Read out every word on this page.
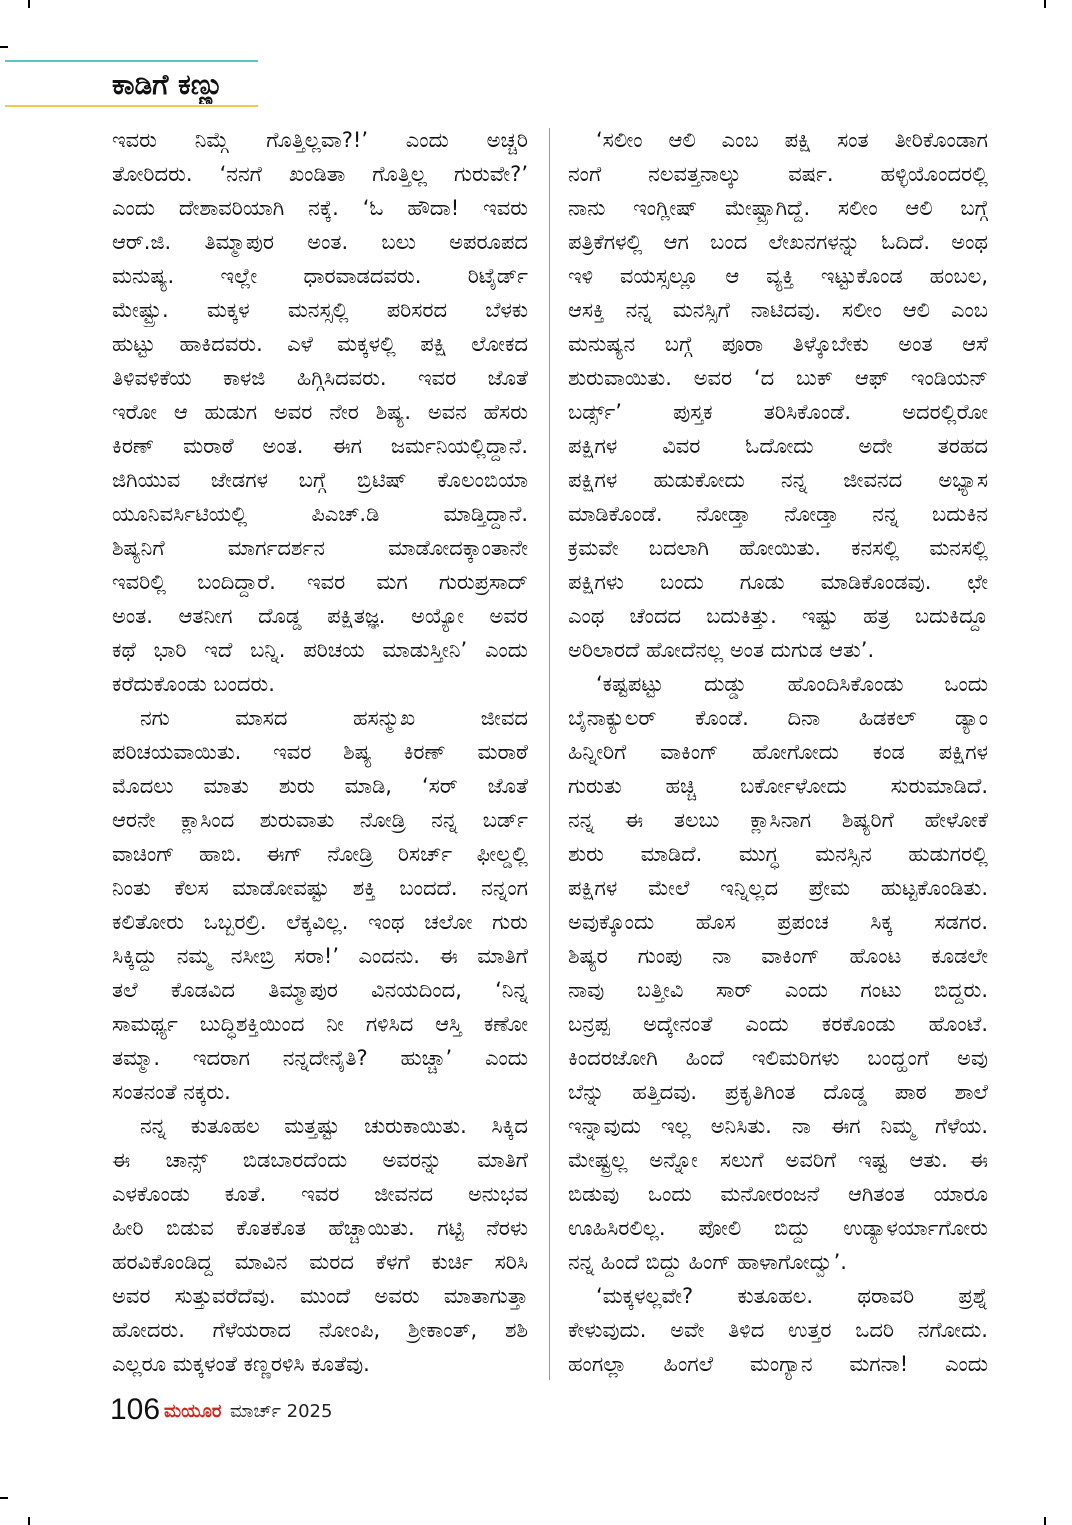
ಕಾಡಿಗೆ ಕಣ್ಣು
ಇವರು ನಿಮ್ಗೆ ಗೊತ್ತಿಲ್ಲವಾ?!’ ಎಂದು ಅಚ್ಚರಿ
ತೋರಿದರು. ‘ನನಗೆ ಖಂಡಿತಾ ಗೊತ್ತಿಲ್ಲ ಗುರುವೇ?’
ಎಂದು ದೇಶಾವರಿಯಾಗಿ ನಕ್ಕೆ. ‘ಓ ಹೌದಾ! ಇವರು
ಆರ್.ಜಿ. ತಿಮ್ಮಾಪುರ ಅಂತ. ಬಲು ಅಪರೂಪದ
ಮನುಷ್ಯ. ಇಲ್ಲೇ ಧಾರವಾಡದವರು. ರಿಟೈರ್ಡ್
ಮೇಷ್ಟ್ರು. ಮಕ್ಕಳ ಮನಸ್ಸಲ್ಲಿ ಪರಿಸರದ ಬೆಳಕು
ಹುಟ್ಟು ಹಾಕಿದವರು. ಎಳೆ ಮಕ್ಕಳಲ್ಲಿ ಪಕ್ಷಿ ಲೋಕದ
ತಿಳಿವಳಿಕೆಯ ಕಾಳಜಿ ಹಿಗ್ಗಿಸಿದವರು. ಇವರ ಜೊತೆ
ಇರೋ ಆ ಹುಡುಗ ಅವರ ನೇರ ಶಿಷ್ಯ. ಅವನ ಹೆಸರು
ಕಿರಣ್ ಮರಾಠೆ ಅಂತ. ಈಗ ಜರ್ಮನಿಯಲ್ಲಿದ್ದಾನೆ.
ಜಿಗಿಯುವ ಜೇಡಗಳ ಬಗ್ಗೆ ಬ್ರಿಟಿಷ್ ಕೊಲಂಬಿಯಾ
ಯೂನಿವರ್ಸಿಟಿಯಲ್ಲಿ ಪಿಎಚ್.ಡಿ ಮಾಡ್ತಿದ್ದಾನೆ.
ಶಿಷ್ಯನಿಗೆ ಮಾರ್ಗದರ್ಶನ ಮಾಡೋದಕ್ಕಾಂತಾನೇ
ಇವರಿಲ್ಲಿ ಬಂದಿದ್ದಾರೆ. ಇವರ ಮಗ ಗುರುಪ್ರಸಾದ್
ಅಂತ. ಆತನೀಗ ದೊಡ್ಡ ಪಕ್ಷಿತಜ್ಞ. ಅಯ್ಯೋ ಅವರ
ಕಥೆ ಭಾರಿ ಇದೆ ಬನ್ನಿ. ಪರಿಚಯ ಮಾಡುಸ್ತೀನಿ’ ಎಂದು
ಕರೆದುಕೊಂಡು ಬಂದರು.
ನಗು ಮಾಸದ ಹಸನ್ಮುಖ ಜೀವದ
ಪರಿಚಯವಾಯಿತು. ಇವರ ಶಿಷ್ಯ ಕಿರಣ್ ಮರಾಠೆ
ಮೊದಲು ಮಾತು ಶುರು ಮಾಡಿ, ‘ಸರ್ ಜೊತೆ
ಆರನೇ ಕ್ಲಾಸಿಂದ ಶುರುವಾತು ನೋಡ್ರಿ ನನ್ನ ಬರ್ಡ್
ವಾಚಿಂಗ್ ಹಾಬಿ. ಈಗ್ ನೋಡ್ರಿ ರಿಸರ್ಚ್ ಫೀಲ್ಡಲ್ಲಿ
ನಿಂತು ಕೆಲಸ ಮಾಡೋವಷ್ಟು ಶಕ್ತಿ ಬಂದದೆ. ನನ್ನಂಗ
ಕಲಿತೋರು ಒಬ್ಬರಲ್ರಿ. ಲೆಕ್ಕವಿಲ್ಲ. ಇಂಥ ಚಲೋ ಗುರು
ಸಿಕ್ಕಿದ್ದು ನಮ್ಮ ನಸೀಬ್ರಿ ಸರಾ!’ ಎಂದನು. ಈ ಮಾತಿಗೆ
ತಲೆ ಕೊಡವಿದ ತಿಮ್ಮಾಪುರ ವಿನಯದಿಂದ, ‘ನಿನ್ನ
ಸಾಮರ್ಥ್ಯ ಬುದ್ಧಿಶಕ್ತಿಯಿಂದ ನೀ ಗಳಿಸಿದ ಆಸ್ತಿ ಕಣೋ
ತಮ್ಮಾ. ಇದರಾಗ ನನ್ನದೇನೈತಿ? ಹುಚ್ಚಾ’ ಎಂದು
ಸಂತನಂತೆ ನಕ್ಕರು.
ನನ್ನ ಕುತೂಹಲ ಮತ್ತಷ್ಟು ಚುರುಕಾಯಿತು. ಸಿಕ್ಕಿದ
ಈ ಚಾನ್ಸ್ ಬಿಡಬಾರದೆಂದು ಅವರನ್ನು ಮಾತಿಗೆ
ಎಳಕೊಂಡು ಕೂತೆ. ಇವರ ಜೀವನದ ಅನುಭವ
ಹೀರಿ ಬಿಡುವ ಕೊತಕೊತ ಹೆಚ್ಚಾಯಿತು. ಗಟ್ಟಿ ನೆರಳು
ಹರವಿಕೊಂಡಿದ್ದ ಮಾವಿನ ಮರದ ಕೆಳಗೆ ಕುರ್ಚಿ ಸರಿಸಿ
ಅವರ ಸುತ್ತುವರೆದೆವು. ಮುಂದೆ ಅವರು ಮಾತಾಗುತ್ತಾ
ಹೋದರು. ಗೆಳೆಯರಾದ ನೋಂಪಿ, ಶ್ರೀಕಾಂತ್, ಶಶಿ
ಎಲ್ಲರೂ ಮಕ್ಕಳಂತೆ ಕಣ್ಣರಳಿಸಿ ಕೂತೆವು.
‘ಸಲೀಂ ಆಲಿ ಎಂಬ ಪಕ್ಷಿ ಸಂತ ತೀರಿಕೊಂಡಾಗ
ನಂಗೆ ನಲವತ್ತನಾಲ್ಕು ವರ್ಷ. ಹಳ್ಳಿಯೊಂದರಲ್ಲಿ
ನಾನು ಇಂಗ್ಲೀಷ್ ಮೇಷ್ಟ್ರಾಗಿದ್ದೆ. ಸಲೀಂ ಆಲಿ ಬಗ್ಗೆ
ಪತ್ರಿಕೆಗಳಲ್ಲಿ ಆಗ ಬಂದ ಲೇಖನಗಳನ್ನು ಓದಿದೆ. ಅಂಥ
ಇಳಿ ವಯಸ್ಸಲ್ಲೂ ಆ ವ್ಯಕ್ತಿ ಇಟ್ಟುಕೊಂಡ ಹಂಬಲ,
ಆಸಕ್ತಿ ನನ್ನ ಮನಸ್ಸಿಗೆ ನಾಟಿದವು. ಸಲೀಂ ಆಲಿ ಎಂಬ
ಮನುಷ್ಯನ ಬಗ್ಗೆ ಪೂರಾ ತಿಳ್ಕೊಬೇಕು ಅಂತ ಆಸೆ
ಶುರುವಾಯಿತು. ಅವರ ‘ದ ಬುಕ್ ಆಫ್ ಇಂಡಿಯನ್
ಬರ್ಡ್ಸ್’ ಪುಸ್ತಕ ತರಿಸಿಕೊಂಡೆ. ಅದರಲ್ಲಿರೋ
ಪಕ್ಷಿಗಳ ವಿವರ ಓದೋದು ಅದೇ ತರಹದ
ಪಕ್ಷಿಗಳ ಹುಡುಕೋದು ನನ್ನ ಜೀವನದ ಅಭ್ಯಾಸ
ಮಾಡಿಕೊಂಡೆ. ನೋಡ್ತಾ ನೋಡ್ತಾ ನನ್ನ ಬದುಕಿನ
ಕ್ರಮವೇ ಬದಲಾಗಿ ಹೋಯಿತು. ಕನಸಲ್ಲಿ ಮನಸಲ್ಲಿ
ಪಕ್ಷಿಗಳು ಬಂದು ಗೂಡು ಮಾಡಿಕೊಂಡವು. ಛೇ
ಎಂಥ ಚೆಂದದ ಬದುಕಿತ್ತು. ಇಷ್ಟು ಹತ್ರ ಬದುಕಿದ್ದೂ
ಅರಿಲಾರದೆ ಹೋದೆನಲ್ಲ ಅಂತ ದುಗುಡ ಆತು’.
‘ಕಷ್ಟಪಟ್ಟು ದುಡ್ಡು ಹೊಂದಿಸಿಕೊಂಡು ಒಂದು
ಬೈನಾಕ್ಯುಲರ್ ಕೊಂಡೆ. ದಿನಾ ಹಿಡಕಲ್ ಡ್ಯಾಂ
ಹಿನ್ನೀರಿಗೆ ವಾಕಿಂಗ್ ಹೋಗೋದು ಕಂಡ ಪಕ್ಷಿಗಳ
ಗುರುತು ಹಚ್ಚಿ ಬರ್ಕೋಳೋದು ಸುರುಮಾಡಿದೆ.
ನನ್ನ ಈ ತಲಬು ಕ್ಲಾಸಿನಾಗ ಶಿಷ್ಯರಿಗೆ ಹೇಳೋಕೆ
ಶುರು ಮಾಡಿದೆ. ಮುಗ್ಧ ಮನಸ್ಸಿನ ಹುಡುಗರಲ್ಲಿ
ಪಕ್ಷಿಗಳ ಮೇಲೆ ಇನ್ನಿಲ್ಲದ ಪ್ರೇಮ ಹುಟ್ಟಕೊಂಡಿತು.
ಅವುಕ್ಕೊಂದು ಹೊಸ ಪ್ರಪಂಚ ಸಿಕ್ಕ ಸಡಗರ.
ಶಿಷ್ಯರ ಗುಂಪು ನಾ ವಾಕಿಂಗ್ ಹೊಂಟ ಕೂಡಲೇ
ನಾವು ಬತ್ತೀವಿ ಸಾರ್ ಎಂದು ಗಂಟು ಬಿದ್ದರು.
ಬನ್ರಪ್ಪ ಅದ್ಕೇನಂತೆ ಎಂದು ಕರಕೊಂಡು ಹೊಂಟೆ.
ಕಿಂದರಜೋಗಿ ಹಿಂದೆ ಇಲಿಮರಿಗಳು ಬಂದ್ಹಂಗೆ ಅವು
ಬೆನ್ನು ಹತ್ತಿದವು. ಪ್ರಕೃತಿಗಿಂತ ದೊಡ್ಡ ಪಾಠ ಶಾಲೆ
ಇನ್ನಾವುದು ಇಲ್ಲ ಅನಿಸಿತು. ನಾ ಈಗ ನಿಮ್ಮ ಗೆಳೆಯ.
ಮೇಷ್ಟ್ರಲ್ಲ ಅನ್ನೋ ಸಲುಗೆ ಅವರಿಗೆ ಇಷ್ಟ ಆತು. ಈ
ಬಿಡುವು ಒಂದು ಮನೋರಂಜನೆ ಆಗಿತಂತ ಯಾರೂ
ಊಹಿಸಿರಲಿಲ್ಲ. ಪೋಲಿ ಬಿದ್ದು ಉಡ್ಯಾಳರ್ಯಾಗೋರು
ನನ್ನ ಹಿಂದೆ ಬಿದ್ದು ಹಿಂಗ್ ಹಾಳಾಗೋದ್ವು’.
‘ಮಕ್ಕಳಲ್ಲವೇ? ಕುತೂಹಲ. ಥರಾವರಿ ಪ್ರಶ್ನೆ
ಕೇಳುವುದು. ಅವೇ ತಿಳಿದ ಉತ್ತರ ಒದರಿ ನಗೋದು.
ಹಂಗಲ್ಲಾ ಹಿಂಗಲೆ ಮಂಗ್ಯಾನ ಮಗನಾ! ಎಂದು
106 ಮಯೂರ ಮಾರ್ಚ್ 2025
